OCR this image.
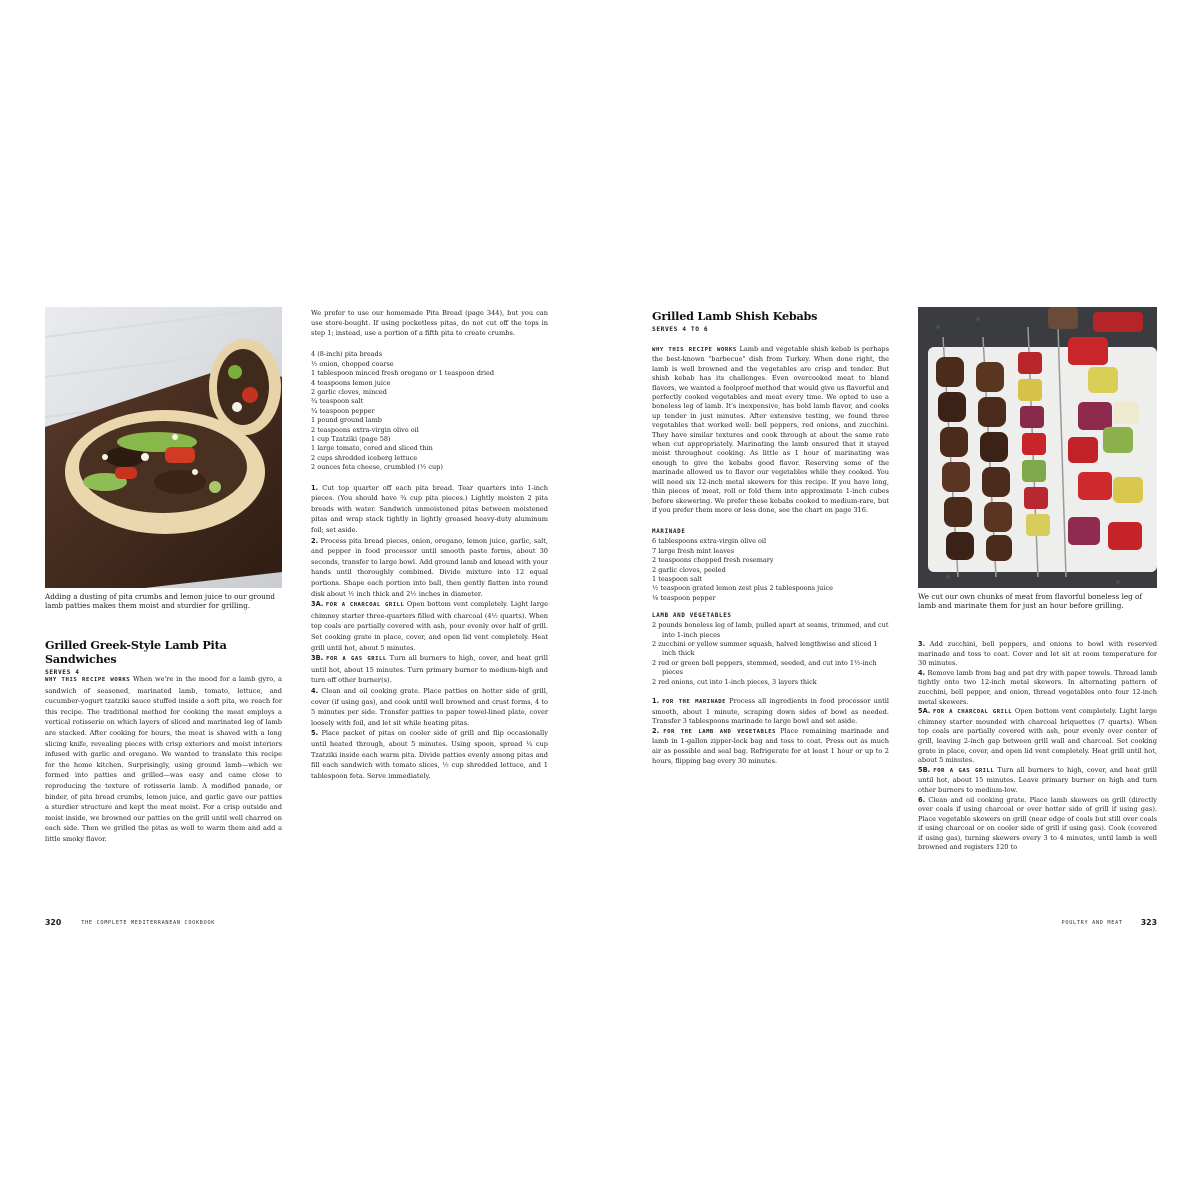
Adding a dusting of pita crumbs and lemon juice to our ground lamb patties makes them moist and sturdier for grilling.

Grilled Greek-Style Lamb Pita Sandwiches
SERVES 4

WHY THIS RECIPE WORKS When we're in the mood for a lamb gyro, a sandwich of seasoned, marinated lamb, tomato, lettuce, and cucumber-yogurt tzatziki sauce stuffed inside a soft pita, we reach for this recipe. The traditional method for cooking the meat employs a vertical rotisserie on which layers of sliced and marinated leg of lamb are stacked. After cooking for hours, the meat is shaved with a long slicing knife, revealing pieces with crisp exteriors and moist interiors infused with garlic and oregano. We wanted to translate this recipe for the home kitchen. Surprisingly, using ground lamb—which we formed into patties and grilled—was easy and came close to reproducing the texture of rotisserie lamb. A modified panade, or binder, of pita bread crumbs, lemon juice, and garlic gave our patties a sturdier structure and kept the meat moist. For a crisp outside and moist inside, we browned our patties on the grill until well charred on each side. Then we grilled the pitas as well to warm them and add a little smoky flavor.

We prefer to use our homemade Pita Bread (page 344), but you can use store-bought. If using pocketless pitas, do not cut off the tops in step 1; instead, use a portion of a fifth pita to create crumbs.

4 (8-inch) pita breads
½ onion, chopped coarse
1 tablespoon minced fresh oregano or 1 teaspoon dried
4 teaspoons lemon juice
2 garlic cloves, minced
¾ teaspoon salt
¾ teaspoon pepper
1 pound ground lamb
2 teaspoons extra-virgin olive oil
1 cup Tzatziki (page 58)
1 large tomato, cored and sliced thin
2 cups shredded iceberg lettuce
2 ounces feta cheese, crumbled (½ cup)

1. Cut top quarter off each pita bread. Tear quarters into 1-inch pieces. (You should have ¾ cup pita pieces.) Lightly moisten 2 pita breads with water. Sandwich unmoistened pitas between moistened pitas and wrap stack tightly in lightly greased heavy-duty aluminum foil; set aside.

2. Process pita bread pieces, onion, oregano, lemon juice, garlic, salt, and pepper in food processor until smooth paste forms, about 30 seconds, transfer to large bowl. Add ground lamb and knead with your hands until thoroughly combined. Divide mixture into 12 equal portions. Shape each portion into ball, then gently flatten into round disk about ½ inch thick and 2½ inches in diameter.

3A. FOR A CHARCOAL GRILL Open bottom vent completely. Light large chimney starter three-quarters filled with charcoal (4½ quarts). When top coals are partially covered with ash, pour evenly over half of grill. Set cooking grate in place, cover, and open lid vent completely. Heat grill until hot, about 5 minutes.

3B. FOR A GAS GRILL Turn all burners to high, cover, and heat grill until hot, about 15 minutes. Turn primary burner to medium-high and turn off other burner(s).

4. Clean and oil cooking grate. Place patties on hotter side of grill, cover (if using gas), and cook until well browned and crust forms, 4 to 5 minutes per side. Transfer patties to paper towel-lined plate, cover loosely with foil, and let sit while heating pitas.

5. Place packet of pitas on cooler side of grill and flip occasionally until heated through, about 5 minutes. Using spoon, spread ¼ cup Tzatziki inside each warm pita. Divide patties evenly among pitas and fill each sandwich with tomato slices, ½ cup shredded lettuce, and 1 tablespoon feta. Serve immediately.

320	THE COMPLETE MEDITERRANEAN COOKBOOK
Grilled Lamb Shish Kebabs
SERVES 4 TO 6

WHY THIS RECIPE WORKS Lamb and vegetable shish kebab is perhaps the best-known "barbecue" dish from Turkey. When done right, the lamb is well browned and the vegetables are crisp and tender. But shish kebab has its challenges. Even overcooked meat to bland flavors, we wanted a foolproof method that would give us flavorful and perfectly cooked vegetables and meat every time. We opted to use a boneless leg of lamb. It's inexpensive, has bold lamb flavor, and cooks up tender in just minutes. After extensive testing, we found three vegetables that worked well: bell peppers, red onions, and zucchini. They have similar textures and cook through at about the same rate when cut appropriately. Marinating the lamb ensured that it stayed moist throughout cooking. As little as 1 hour of marinating was enough to give the kebabs good flavor. Reserving some of the marinade allowed us to flavor our vegetables while they cooked. You will need six 12-inch metal skewers for this recipe. If you have long, thin pieces of meat, roll or fold them into approximate 1-inch cubes before skewering. We prefer these kebabs cooked to medium-rare, but if you prefer them more or less done, see the chart on page 316.

MARINADE
6 tablespoons extra-virgin olive oil
7 large fresh mint leaves
2 teaspoons chopped fresh rosemary
2 garlic cloves, peeled
1 teaspoon salt
½ teaspoon grated lemon zest plus 2 tablespoons juice
⅛ teaspoon pepper
LAMB AND VEGETABLES
2 pounds boneless leg of lamb, pulled apart at seams, trimmed, and cut into 1-inch pieces
2 zucchini or yellow summer squash, halved lengthwise and sliced 1 inch thick
2 red or green bell peppers, stemmed, seeded, and cut into 1½-inch pieces
2 red onions, cut into 1-inch pieces, 3 layers thick

1. FOR THE MARINADE Process all ingredients in food processor until smooth, about 1 minute, scraping down sides of bowl as needed. Transfer 3 tablespoons marinade to large bowl and set aside.

2. FOR THE LAMB AND VEGETABLES Place remaining marinade and lamb in 1-gallon zipper-lock bag and toss to coat. Press out as much air as possible and seal bag. Refrigerate for at least 1 hour or up to 2 hours, flipping bag every 30 minutes.

We cut our own chunks of meat from flavorful boneless leg of lamb and marinate them for just an hour before grilling.

3. Add zucchini, bell peppers, and onions to bowl with reserved marinade and toss to coat. Cover and let sit at room temperature for 30 minutes.

4. Remove lamb from bag and pat dry with paper towels. Thread lamb tightly onto two 12-inch metal skewers. In alternating pattern of zucchini, bell pepper, and onion, thread vegetables onto four 12-inch metal skewers.

5A. FOR A CHARCOAL GRILL Open bottom vent completely. Light large chimney starter mounded with charcoal briquettes (7 quarts). When top coals are partially covered with ash, pour evenly over center of grill, leaving 2-inch gap between grill wall and charcoal. Set cooking grate in place, cover, and open lid vent completely. Heat grill until hot, about 5 minutes.

5B. FOR A GAS GRILL Turn all burners to high, cover, and heat grill until hot, about 15 minutes. Leave primary burner on high and turn other burners to medium-low.

6. Clean and oil cooking grate. Place lamb skewers on grill (directly over coals if using charcoal or over hotter side of grill if using gas). Place vegetable skewers on grill (near edge of coals but still over coals if using charcoal or on cooler side of grill if using gas). Cook (covered if using gas), turning skewers every 3 to 4 minutes, until lamb is well browned and registers 120 to

POULTRY AND MEAT 323
